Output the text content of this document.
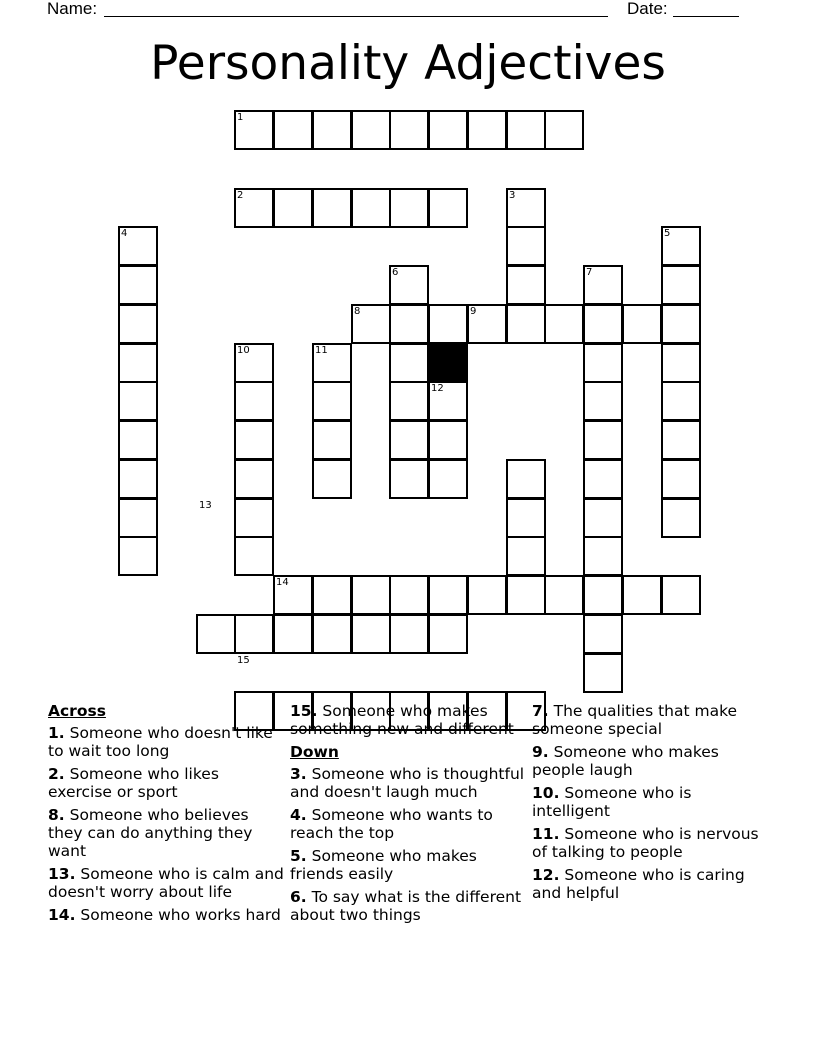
Name:	Date:
Personality Adjectives
1
2	3
4	5
6	7
8	9
10	11
12
13
14
15
Across
1. Someone who doesn't like to wait too long
2. Someone who likes exercise or sport
8. Someone who believes they can do anything they want
13. Someone who is calm and doesn't worry about life
14. Someone who works hard
15. Someone who makes something new and different
Down
3. Someone who is thoughtful and doesn't laugh much
4. Someone who wants to reach the top
5. Someone who makes friends easily
6. To say what is the different about two things
7. The qualities that make someone special
9. Someone who makes people laugh
10. Someone who is intelligent
11. Someone who is nervous of talking to people
12. Someone who is caring and helpful
